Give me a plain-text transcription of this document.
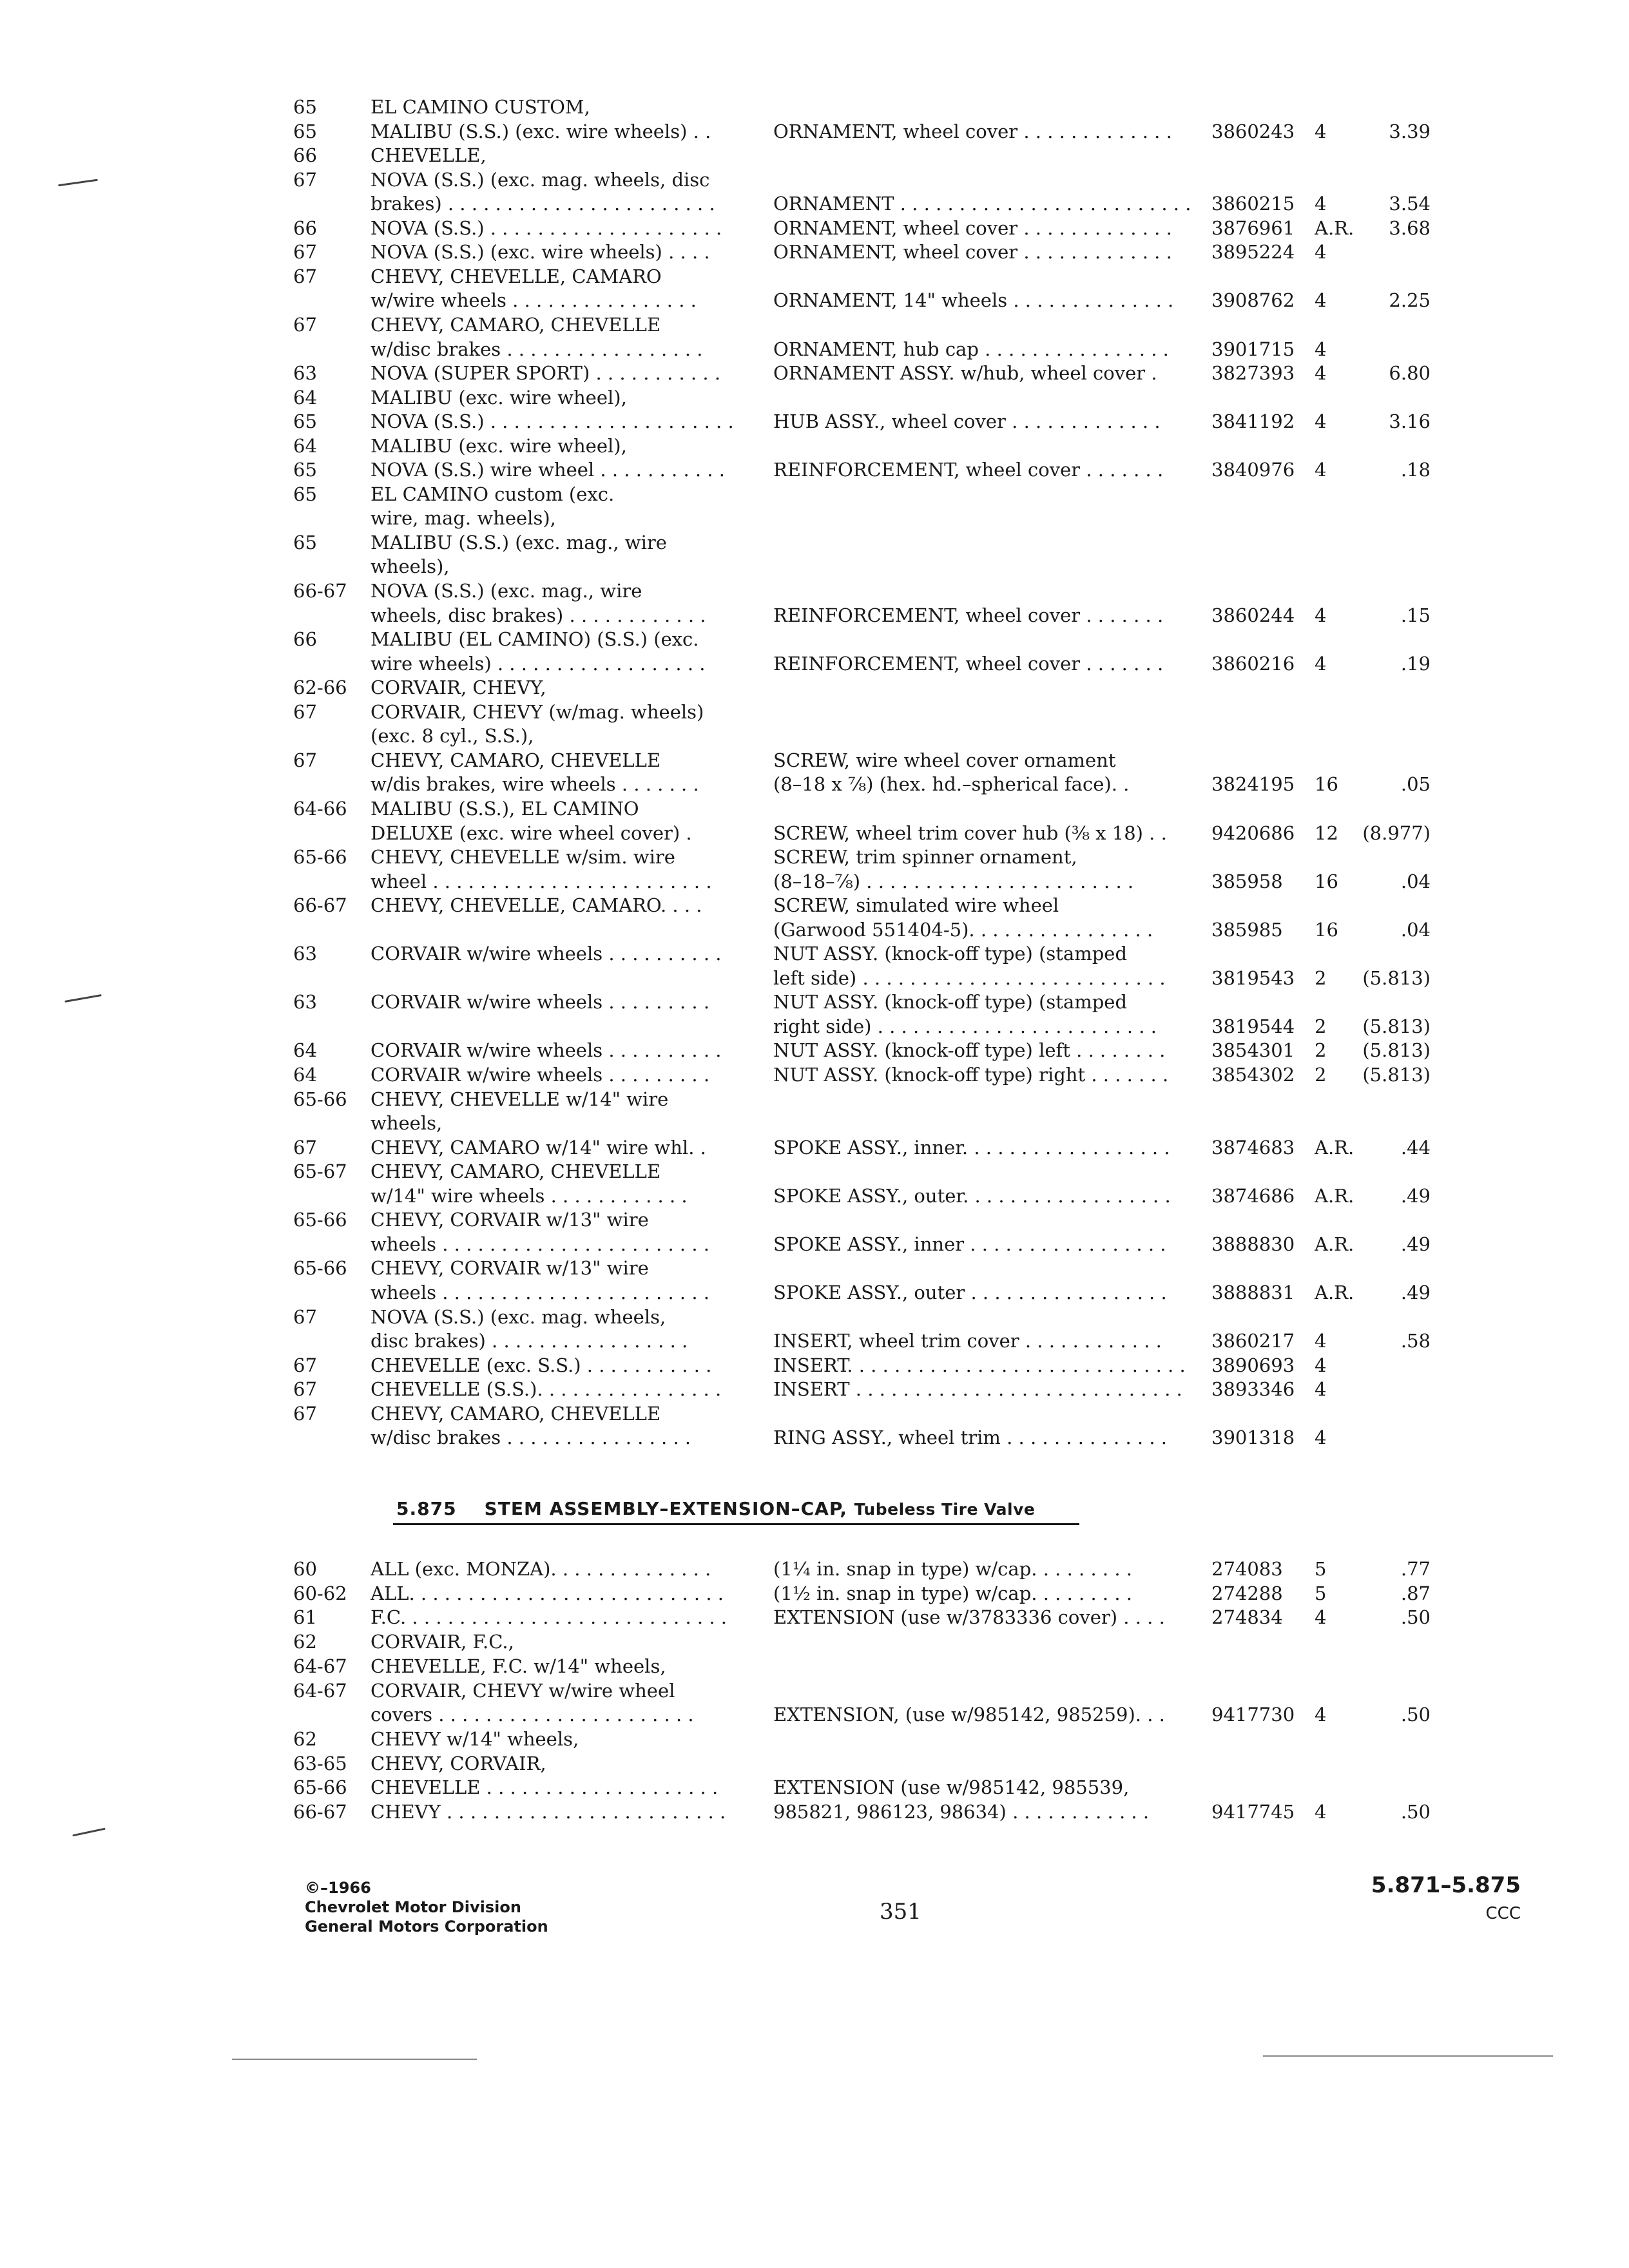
65	EL CAMINO CUSTOM,
65	MALIBU (S.S.) (exc. wire wheels) . .	ORNAMENT, wheel cover . . . . . . . . . . . . .	3860243	4	3.39
66	CHEVELLE,
67	NOVA (S.S.) (exc. mag. wheels, disc
brakes) . . . . . . . . . . . . . . . . . . . . . . .	ORNAMENT . . . . . . . . . . . . . . . . . . . . . . . . .	3860215	4	3.54
66	NOVA (S.S.) . . . . . . . . . . . . . . . . . . . .	ORNAMENT, wheel cover . . . . . . . . . . . . .	3876961	A.R.	3.68
67	NOVA (S.S.) (exc. wire wheels) . . . .	ORNAMENT, wheel cover . . . . . . . . . . . . .	3895224	4
67	CHEVY, CHEVELLE, CAMARO
w/wire wheels . . . . . . . . . . . . . . . .	ORNAMENT, 14" wheels . . . . . . . . . . . . . .	3908762	4	2.25
67	CHEVY, CAMARO, CHEVELLE
w/disc brakes . . . . . . . . . . . . . . . . .	ORNAMENT, hub cap . . . . . . . . . . . . . . . .	3901715	4
63	NOVA (SUPER SPORT) . . . . . . . . . . .	ORNAMENT ASSY. w/hub, wheel cover .	3827393	4	6.80
64	MALIBU (exc. wire wheel),
65	NOVA (S.S.) . . . . . . . . . . . . . . . . . . . . .	HUB ASSY., wheel cover . . . . . . . . . . . . .	3841192	4	3.16
64	MALIBU (exc. wire wheel),
65	NOVA (S.S.) wire wheel . . . . . . . . . . .	REINFORCEMENT, wheel cover . . . . . . .	3840976	4	.18
65	EL CAMINO custom (exc.
wire, mag. wheels),
65	MALIBU (S.S.) (exc. mag., wire
wheels),
66-67	NOVA (S.S.) (exc. mag., wire
wheels, disc brakes) . . . . . . . . . . . .	REINFORCEMENT, wheel cover . . . . . . .	3860244	4	.15
66	MALIBU (EL CAMINO) (S.S.) (exc.
wire wheels) . . . . . . . . . . . . . . . . . .	REINFORCEMENT, wheel cover . . . . . . .	3860216	4	.19
62-66	CORVAIR, CHEVY,
67	CORVAIR, CHEVY (w/mag. wheels)
(exc. 8 cyl., S.S.),
67	CHEVY, CAMARO, CHEVELLE	SCREW, wire wheel cover ornament
w/dis brakes, wire wheels . . . . . . .	(8–18 x ⅞) (hex. hd.–spherical face). .	3824195	16	.05
64-66	MALIBU (S.S.), EL CAMINO
DELUXE (exc. wire wheel cover) .	SCREW, wheel trim cover hub (⅜ x 18) . .	9420686	12	(8.977)
65-66	CHEVY, CHEVELLE w/sim. wire	SCREW, trim spinner ornament,
wheel . . . . . . . . . . . . . . . . . . . . . . . .	(8–18–⅞) . . . . . . . . . . . . . . . . . . . . . . .	385958	16	.04
66-67	CHEVY, CHEVELLE, CAMARO. . . .	SCREW, simulated wire wheel
(Garwood 551404-5). . . . . . . . . . . . . . . .	385985	16	.04
63	CORVAIR w/wire wheels . . . . . . . . . .	NUT ASSY. (knock-off type) (stamped
left side) . . . . . . . . . . . . . . . . . . . . . . . . . .	3819543	2	(5.813)
63	CORVAIR w/wire wheels . . . . . . . . .	NUT ASSY. (knock-off type) (stamped
right side) . . . . . . . . . . . . . . . . . . . . . . . .	3819544	2	(5.813)
64	CORVAIR w/wire wheels . . . . . . . . . .	NUT ASSY. (knock-off type) left . . . . . . . .	3854301	2	(5.813)
64	CORVAIR w/wire wheels . . . . . . . . .	NUT ASSY. (knock-off type) right . . . . . . .	3854302	2	(5.813)
65-66	CHEVY, CHEVELLE w/14" wire
wheels,
67	CHEVY, CAMARO w/14" wire whl. .	SPOKE ASSY., inner. . . . . . . . . . . . . . . . . .	3874683	A.R.	.44
65-67	CHEVY, CAMARO, CHEVELLE
w/14" wire wheels . . . . . . . . . . . .	SPOKE ASSY., outer. . . . . . . . . . . . . . . . . .	3874686	A.R.	.49
65-66	CHEVY, CORVAIR w/13" wire
wheels . . . . . . . . . . . . . . . . . . . . . . .	SPOKE ASSY., inner . . . . . . . . . . . . . . . . .	3888830	A.R.	.49
65-66	CHEVY, CORVAIR w/13" wire
wheels . . . . . . . . . . . . . . . . . . . . . . .	SPOKE ASSY., outer . . . . . . . . . . . . . . . . .	3888831	A.R.	.49
67	NOVA (S.S.) (exc. mag. wheels,
disc brakes) . . . . . . . . . . . . . . . . .	INSERT, wheel trim cover . . . . . . . . . . . .	3860217	4	.58
67	CHEVELLE (exc. S.S.) . . . . . . . . . . .	INSERT. . . . . . . . . . . . . . . . . . . . . . . . . . . . .	3890693	4
67	CHEVELLE (S.S.). . . . . . . . . . . . . . . .	INSERT . . . . . . . . . . . . . . . . . . . . . . . . . . . .	3893346	4
67	CHEVY, CAMARO, CHEVELLE
w/disc brakes . . . . . . . . . . . . . . . .	RING ASSY., wheel trim . . . . . . . . . . . . . .	3901318	4
5.875 STEM ASSEMBLY–EXTENSION–CAP, Tubeless Tire Valve
60	ALL (exc. MONZA). . . . . . . . . . . . . .	(1¼ in. snap in type) w/cap. . . . . . . . .	274083	5	.77
60-62	ALL. . . . . . . . . . . . . . . . . . . . . . . . . . .	(1½ in. snap in type) w/cap. . . . . . . . .	274288	5	.87
61	F.C. . . . . . . . . . . . . . . . . . . . . . . . . . . .	EXTENSION (use w/3783336 cover) . . . .	274834	4	.50
62	CORVAIR, F.C.,
64-67	CHEVELLE, F.C. w/14" wheels,
64-67	CORVAIR, CHEVY w/wire wheel
covers . . . . . . . . . . . . . . . . . . . . . .	EXTENSION, (use w/985142, 985259). . .	9417730	4	.50
62	CHEVY w/14" wheels,
63-65	CHEVY, CORVAIR,
65-66	CHEVELLE . . . . . . . . . . . . . . . . . . . .	EXTENSION (use w/985142, 985539,
66-67	CHEVY . . . . . . . . . . . . . . . . . . . . . . . .	985821, 986123, 98634) . . . . . . . . . . . .	9417745	4	.50
©–1966
Chevrolet Motor Division
General Motors Corporation
351
5.871–5.875
CCC
